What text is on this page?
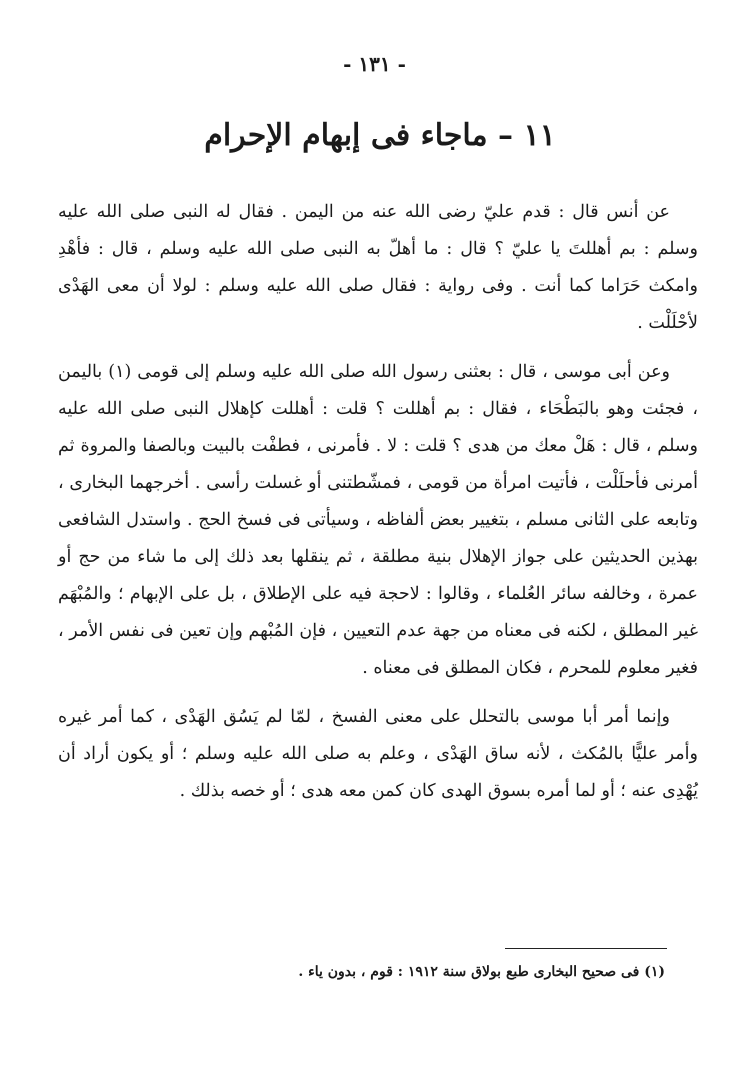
- ١٣١ -
١١ – ماجاء فى إبهام الإحرام

عن أنس قال : قدم عليّ رضى الله عنه من اليمن . فقال له النبى صلى الله عليه وسلم : بم أهللتَ يا عليّ ؟ قال : ما أهلّ به النبى صلى الله عليه وسلم ، قال : فأهْدِ وامكث حَرَاما كما أنت . وفى رواية : فقال صلى الله عليه وسلم : لولا أن معى الهَدْى لأحْلَلْت .

وعن أبى موسى ، قال : بعثنى رسول الله صلى الله عليه وسلم إلى قومى (١) باليمن ، فجئت وهو بالبَطْحَاء ، فقال : بم أهللت ؟ قلت : أهللت كإهلال النبى صلى الله عليه وسلم ، قال : هَلْ معك من هدى ؟ قلت : لا . فأمرنى ، فطفْت بالبيت وبالصفا والمروة ثم أمرنى فأحلَلْت ، فأتيت امرأة من قومى ، فمشّطتنى أو غسلت رأسى . أخرجهما البخارى ، وتابعه على الثانى مسلم ، بتغيير بعض ألفاظه ، وسيأتى فى فسخ الحج . واستدل الشافعى بهذين الحديثين على جواز الإهلال بنية مطلقة ، ثم ينقلها بعد ذلك إلى ما شاء من حج أو عمرة ، وخالفه سائر العُلماء ، وقالوا : لاحجة فيه على الإطلاق ، بل على الإبهام ؛ والمُبْهَم غير المطلق ، لكنه فى معناه من جهة عدم التعيين ، فإن المُبْهم وإن تعين فى نفس الأمر ، فغير معلوم للمحرم ، فكان المطلق فى معناه .

وإنما أمر أبا موسى بالتحلل على معنى الفسخ ، لمّا لم يَسُق الهَدْى ، كما أمر غيره وأمر عليًّا بالمُكث ، لأنه ساق الهَدْى ، وعلم به صلى الله عليه وسلم ؛ أو يكون أراد أن يُهْدِى عنه ؛ أو لما أمره بسوق الهدى كان كمن معه هدى ؛ أو خصه بذلك .

(١) فى صحيح البخارى طبع بولاق سنة ١٩١٢ : قوم ، بدون ياء .
